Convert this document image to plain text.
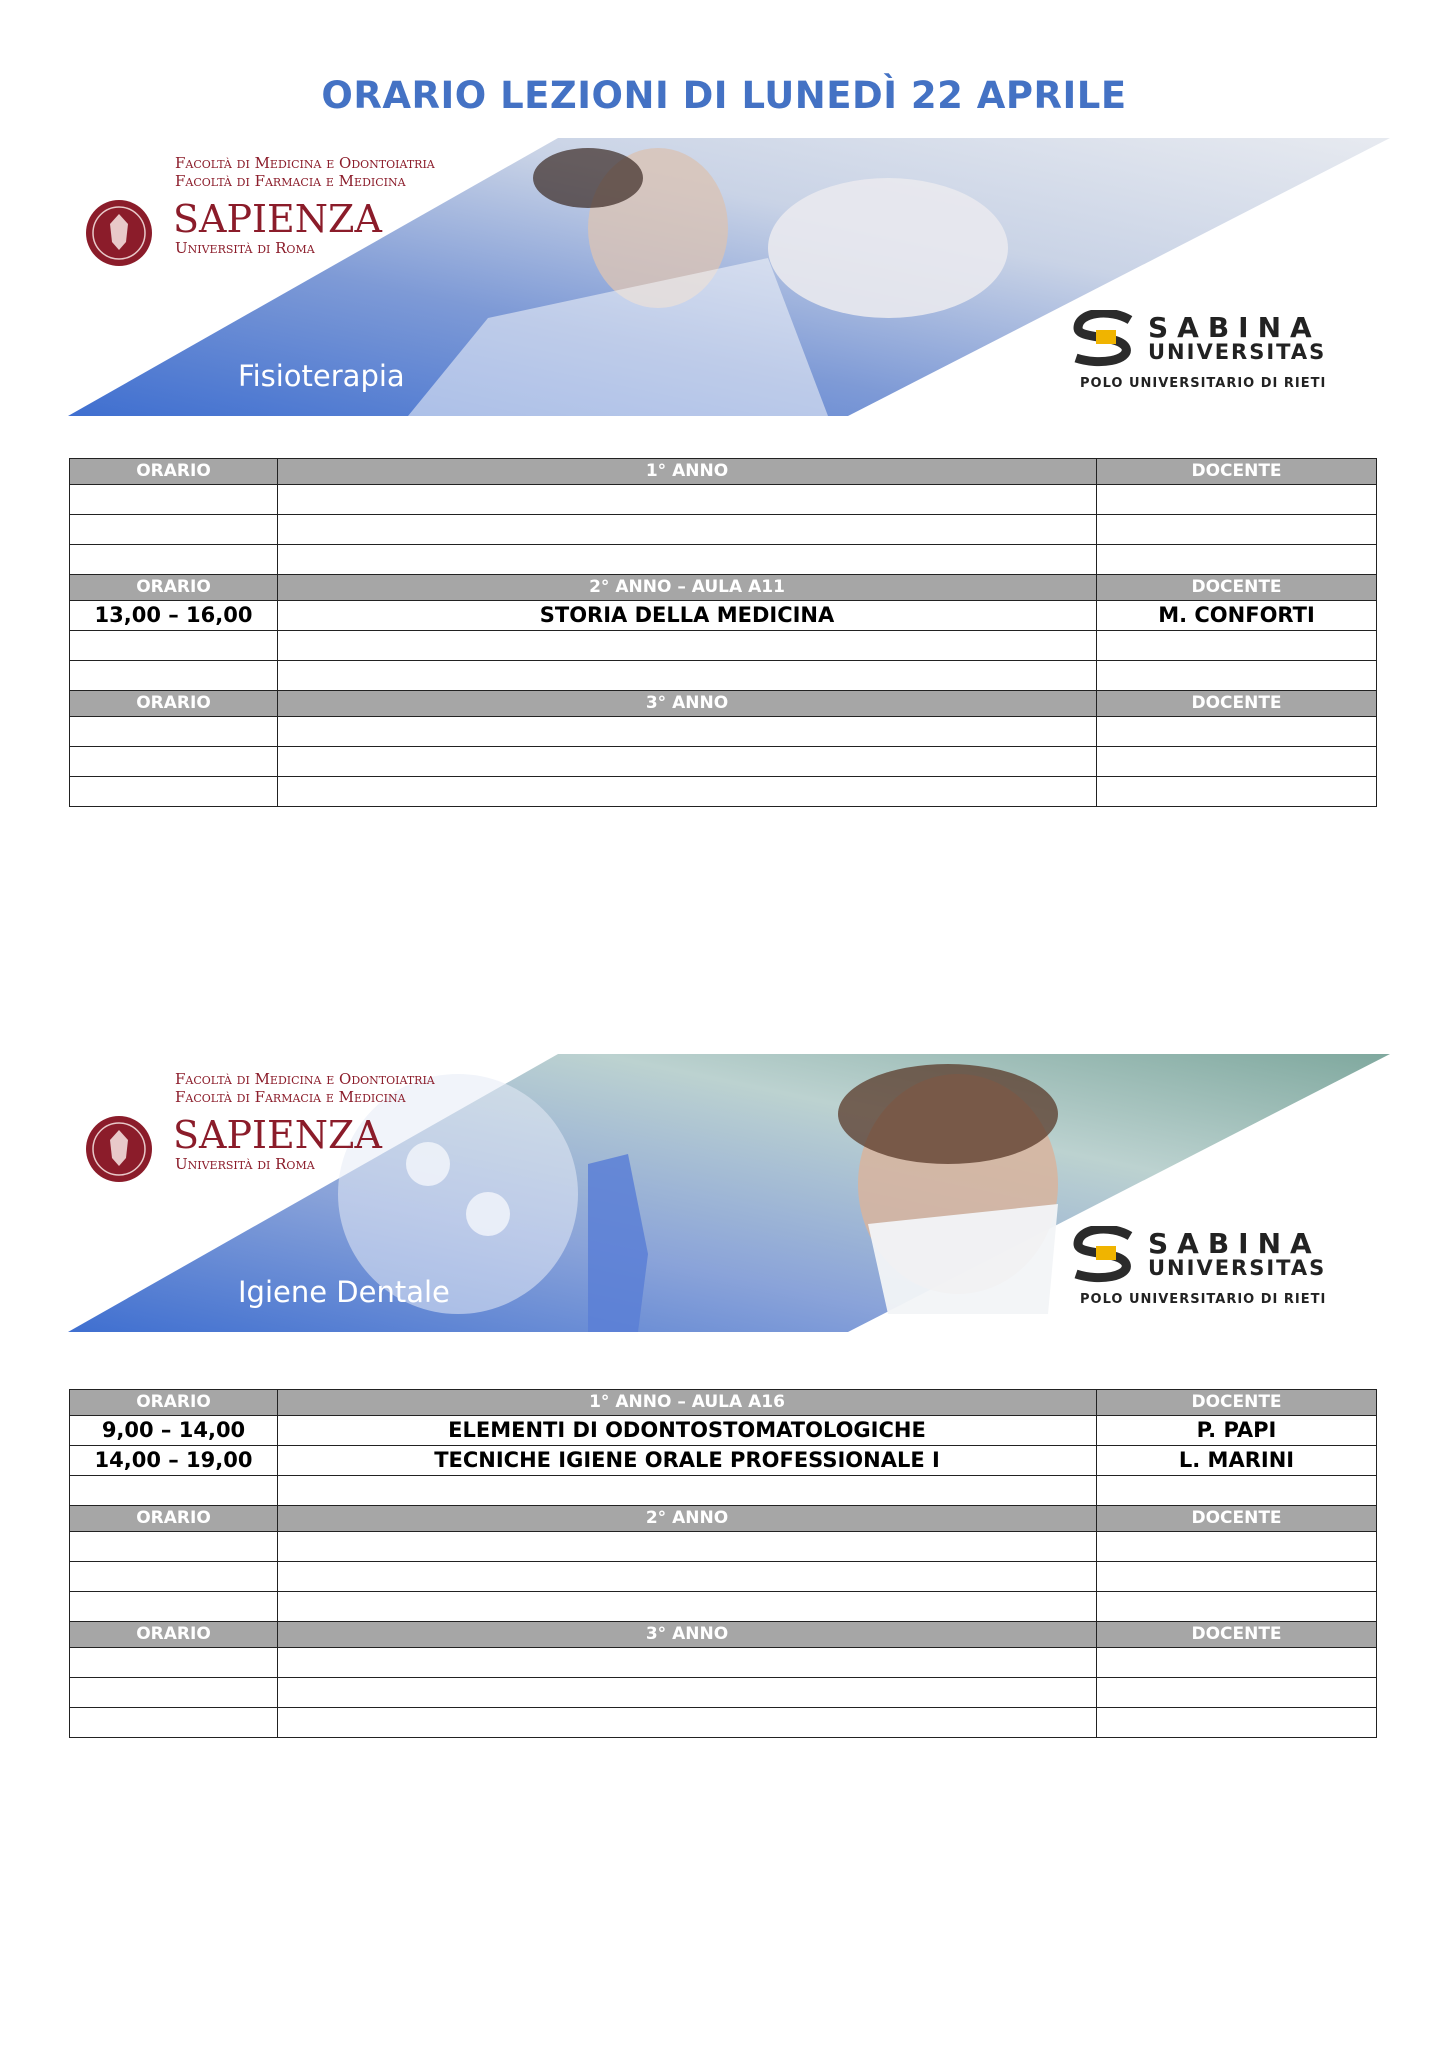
ORARIO LEZIONI DI LUNEDÌ 22 APRILE
Facoltà di Medicina e Odontoiatria
Facoltà di Farmacia e Medicina
SAPIENZA
Università di Roma
Fisioterapia
SABINA
UNIVERSITAS
POLO UNIVERSITARIO DI RIETI
ORARIO	1° ANNO	DOCENTE

ORARIO	2° ANNO – AULA A11	DOCENTE
13,00 – 16,00	STORIA DELLA MEDICINA	M. CONFORTI

ORARIO	3° ANNO	DOCENTE

Facoltà di Medicina e Odontoiatria
Facoltà di Farmacia e Medicina
SAPIENZA
Università di Roma
Igiene Dentale
SABINA
UNIVERSITAS
POLO UNIVERSITARIO DI RIETI
ORARIO	1° ANNO – AULA A16	DOCENTE
9,00 – 14,00	ELEMENTI DI ODONTOSTOMATOLOGICHE	P. PAPI
14,00 – 19,00	TECNICHE IGIENE ORALE PROFESSIONALE I	L. MARINI

ORARIO	2° ANNO	DOCENTE

ORARIO	3° ANNO	DOCENTE
